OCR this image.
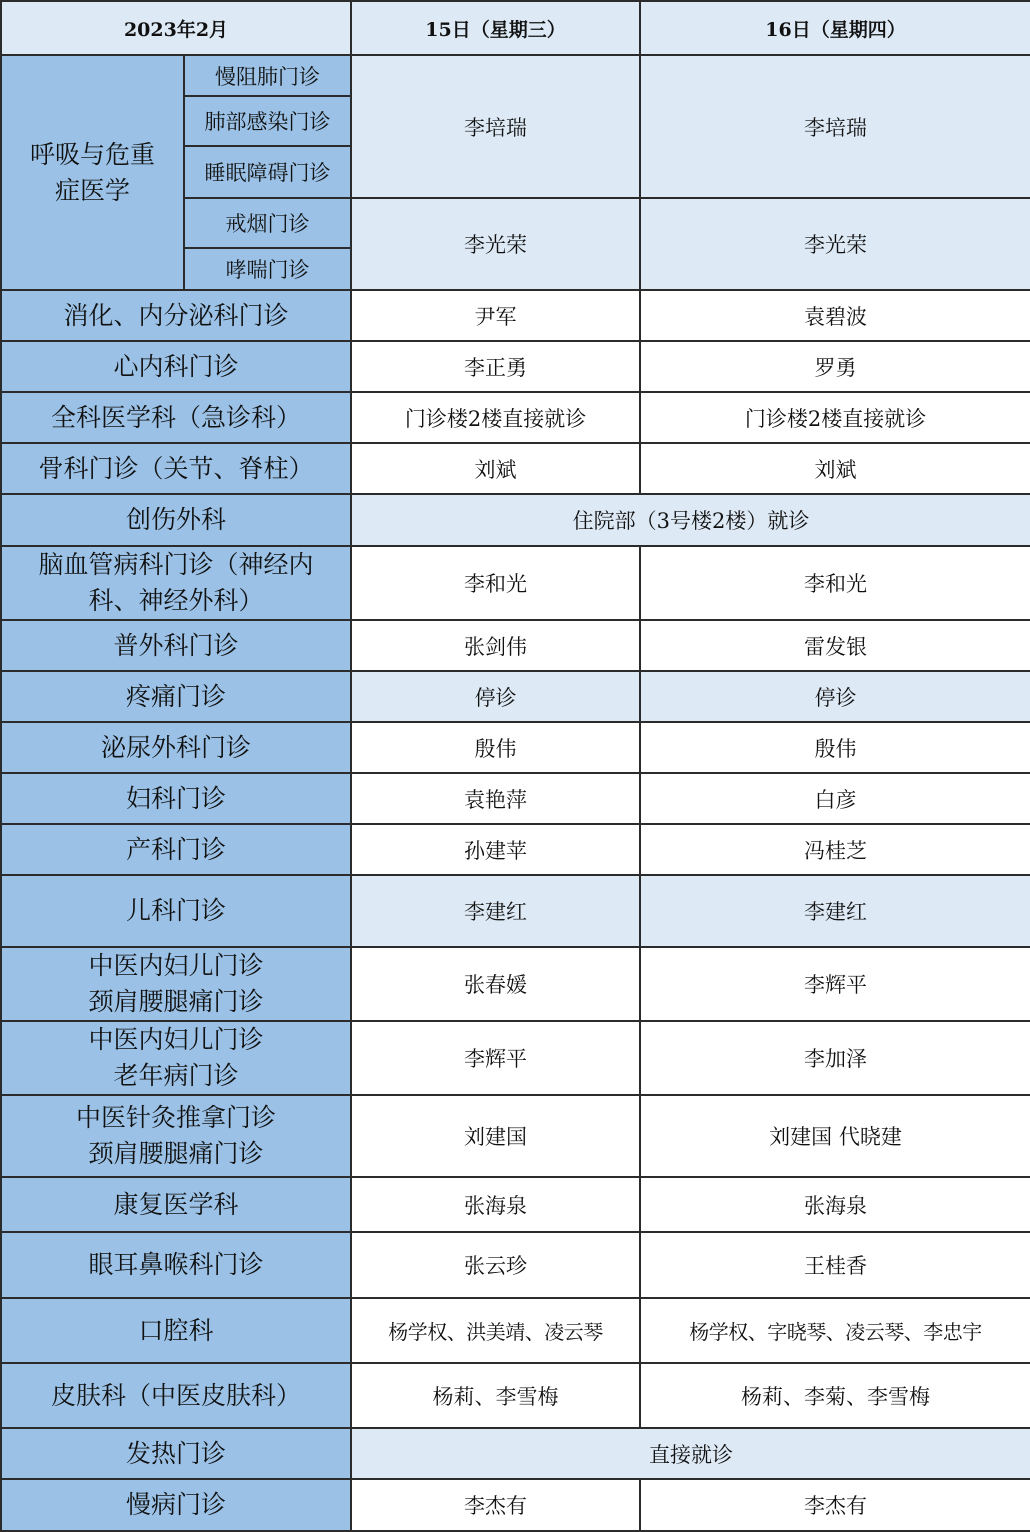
2023年2月		15日（星期三）	16日（星期四）

呼吸与危重
症医学	慢阻肺门诊	李培瑞	李培瑞
	肺部感染门诊		
	睡眠障碍门诊		
	戒烟门诊	李光荣	李光荣
	哮喘门诊		
消化、内分泌科门诊		尹军	袁碧波
心内科门诊		李正勇	罗勇
全科医学科（急诊科）		门诊楼2楼直接就诊	门诊楼2楼直接就诊
骨科门诊（关节、脊柱）		刘斌	刘斌
创伤外科		住院部（3号楼2楼）就诊	

脑血管病科门诊（神经内
科、神经外科）		李和光	李和光
普外科门诊		张剑伟	雷发银
疼痛门诊		停诊	停诊
泌尿外科门诊		殷伟	殷伟
妇科门诊		袁艳萍	白彦
产科门诊		孙建苹	冯桂芝
儿科门诊		李建红	李建红

中医内妇儿门诊
颈肩腰腿痛门诊		张春媛	李辉平

中医内妇儿门诊
老年病门诊		李辉平	李加泽

中医针灸推拿门诊
颈肩腰腿痛门诊		刘建国	刘建国 代晓建
康复医学科		张海泉	张海泉
眼耳鼻喉科门诊		张云珍	王桂香
口腔科		杨学权、洪美靖、凌云琴	杨学权、字晓琴、凌云琴、李忠宇
皮肤科（中医皮肤科）		杨莉、李雪梅	杨莉、李菊、李雪梅
发热门诊		直接就诊	
慢病门诊		李杰有	李杰有
